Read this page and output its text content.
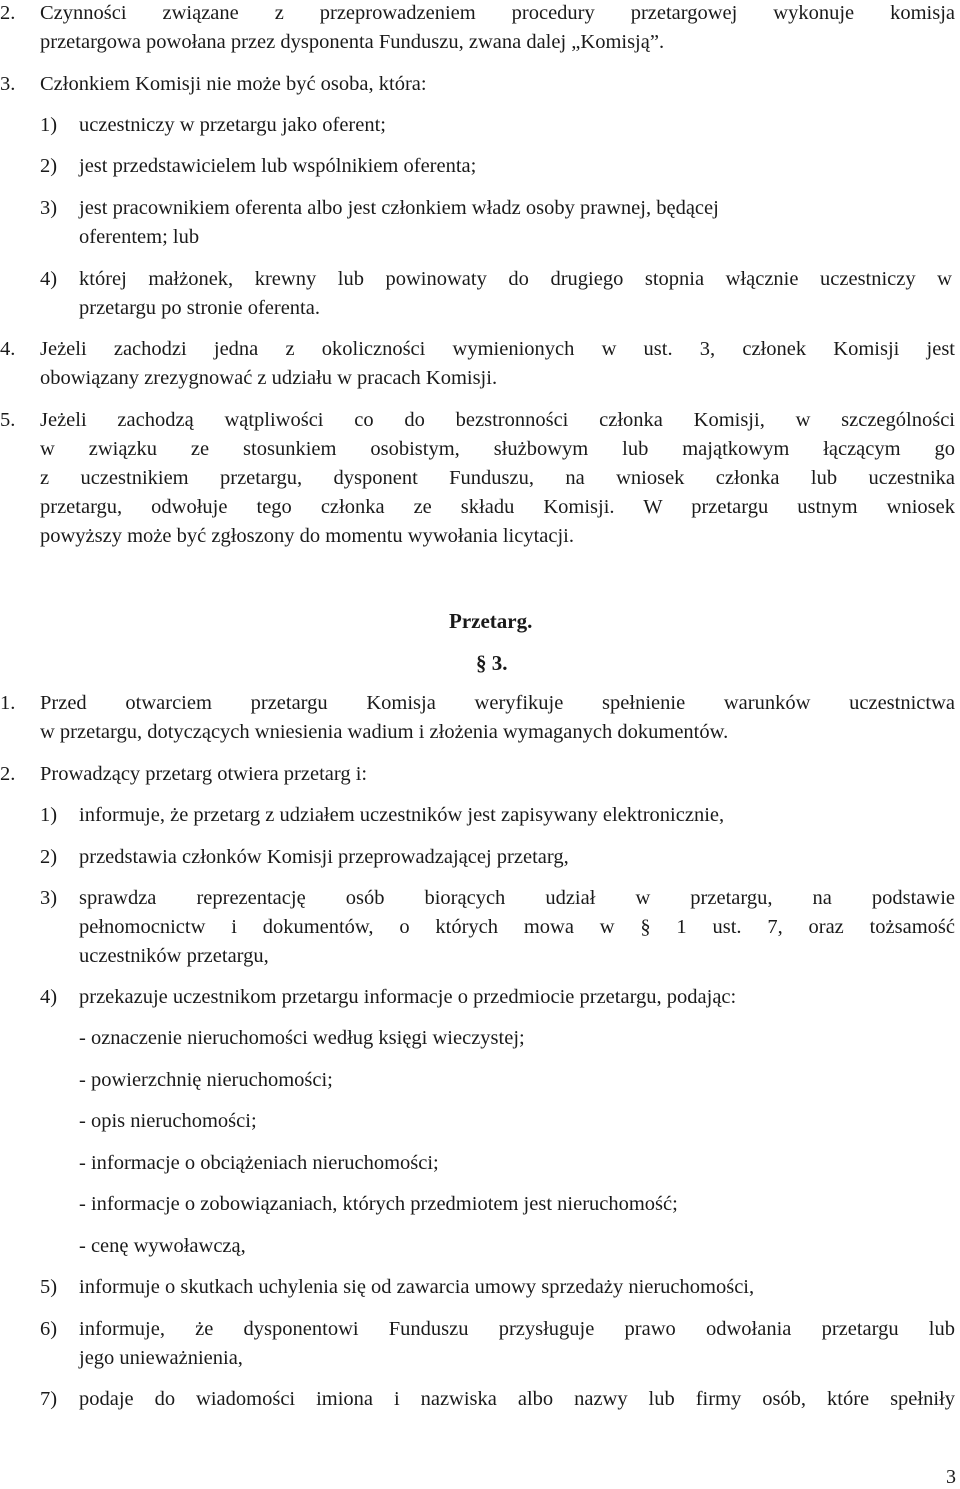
2. Czynności związane z przeprowadzeniem procedury przetargowej wykonuje komisja
przetargowa powołana przez dysponenta Funduszu, zwana dalej „Komisją”.
3. Członkiem Komisji nie może być osoba, która:
1) uczestniczy w przetargu jako oferent;
2) jest przedstawicielem lub wspólnikiem oferenta;
3) jest pracownikiem oferenta albo jest członkiem władz osoby prawnej, będącej
oferentem; lub
4) której małżonek, krewny lub powinowaty do drugiego stopnia włącznie uczestniczy w
przetargu po stronie oferenta.
4. Jeżeli zachodzi jedna z okoliczności wymienionych w ust. 3, członek Komisji jest
obowiązany zrezygnować z udziału w pracach Komisji.
5. Jeżeli zachodzą wątpliwości co do bezstronności członka Komisji, w szczególności
w związku ze stosunkiem osobistym, służbowym lub majątkowym łączącym go
z uczestnikiem przetargu, dysponent Funduszu, na wniosek członka lub uczestnika
przetargu, odwołuje tego członka ze składu Komisji. W przetargu ustnym wniosek
powyższy może być zgłoszony do momentu wywołania licytacji.
Przetarg.
§ 3.
1. Przed otwarciem przetargu Komisja weryfikuje spełnienie warunków uczestnictwa
w przetargu, dotyczących wniesienia wadium i złożenia wymaganych dokumentów.
2. Prowadzący przetarg otwiera przetarg i:
1) informuje, że przetarg z udziałem uczestników jest zapisywany elektronicznie,
2) przedstawia członków Komisji przeprowadzającej przetarg,
3) sprawdza reprezentację osób biorących udział w przetargu, na podstawie
pełnomocnictw i dokumentów, o których mowa w § 1 ust. 7, oraz tożsamość
uczestników przetargu,
4) przekazuje uczestnikom przetargu informacje o przedmiocie przetargu, podając:
- oznaczenie nieruchomości według księgi wieczystej;
- powierzchnię nieruchomości;
- opis nieruchomości;
- informacje o obciążeniach nieruchomości;
- informacje o zobowiązaniach, których przedmiotem jest nieruchomość;
- cenę wywoławczą,
5) informuje o skutkach uchylenia się od zawarcia umowy sprzedaży nieruchomości,
6) informuje, że dysponentowi Funduszu przysługuje prawo odwołania przetargu lub
jego unieważnienia,
7) podaje do wiadomości imiona i nazwiska albo nazwy lub firmy osób, które spełniły
3
